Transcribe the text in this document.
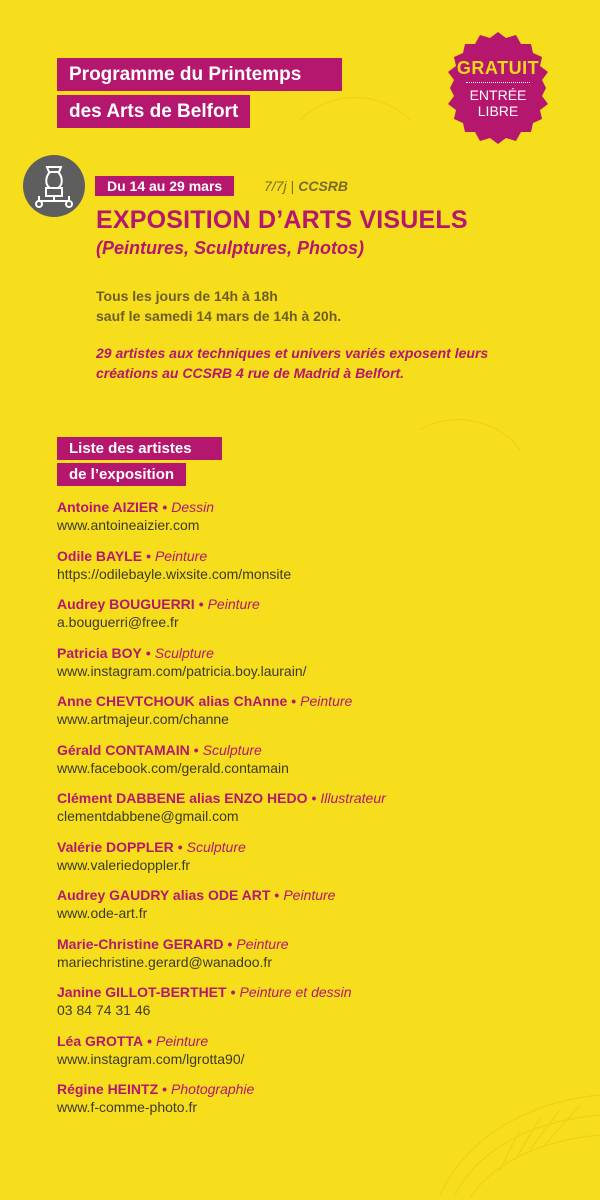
Programme du Printemps
des Arts de Belfort
GRATUIT
ENTRÉE
LIBRE
Du 14 au 29 mars	7/7j | CCSRB
EXPOSITION D’ARTS VISUELS
(Peintures, Sculptures, Photos)
Tous les jours de 14h à 18h
sauf le samedi 14 mars de 14h à 20h.
29 artistes aux techniques et univers variés exposent leurs
créations au CCSRB 4 rue de Madrid à Belfort.
Liste des artistes
de l’exposition
Antoine AIZIER • Dessin
www.antoineaizier.com
Odile BAYLE • Peinture
https://odilebayle.wixsite.com/monsite
Audrey BOUGUERRI • Peinture
a.bouguerri@free.fr
Patricia BOY • Sculpture
www.instagram.com/patricia.boy.laurain/
Anne CHEVTCHOUK alias ChAnne • Peinture
www.artmajeur.com/channe
Gérald CONTAMAIN • Sculpture
www.facebook.com/gerald.contamain
Clément DABBENE alias ENZO HEDO • Illustrateur
clementdabbene@gmail.com
Valérie DOPPLER • Sculpture
www.valeriedoppler.fr
Audrey GAUDRY alias ODE ART • Peinture
www.ode-art.fr
Marie-Christine GERARD • Peinture
mariechristine.gerard@wanadoo.fr
Janine GILLOT-BERTHET • Peinture et dessin
03 84 74 31 46
Léa GROTTA • Peinture
www.instagram.com/lgrotta90/
Régine HEINTZ • Photographie
www.f-comme-photo.fr
